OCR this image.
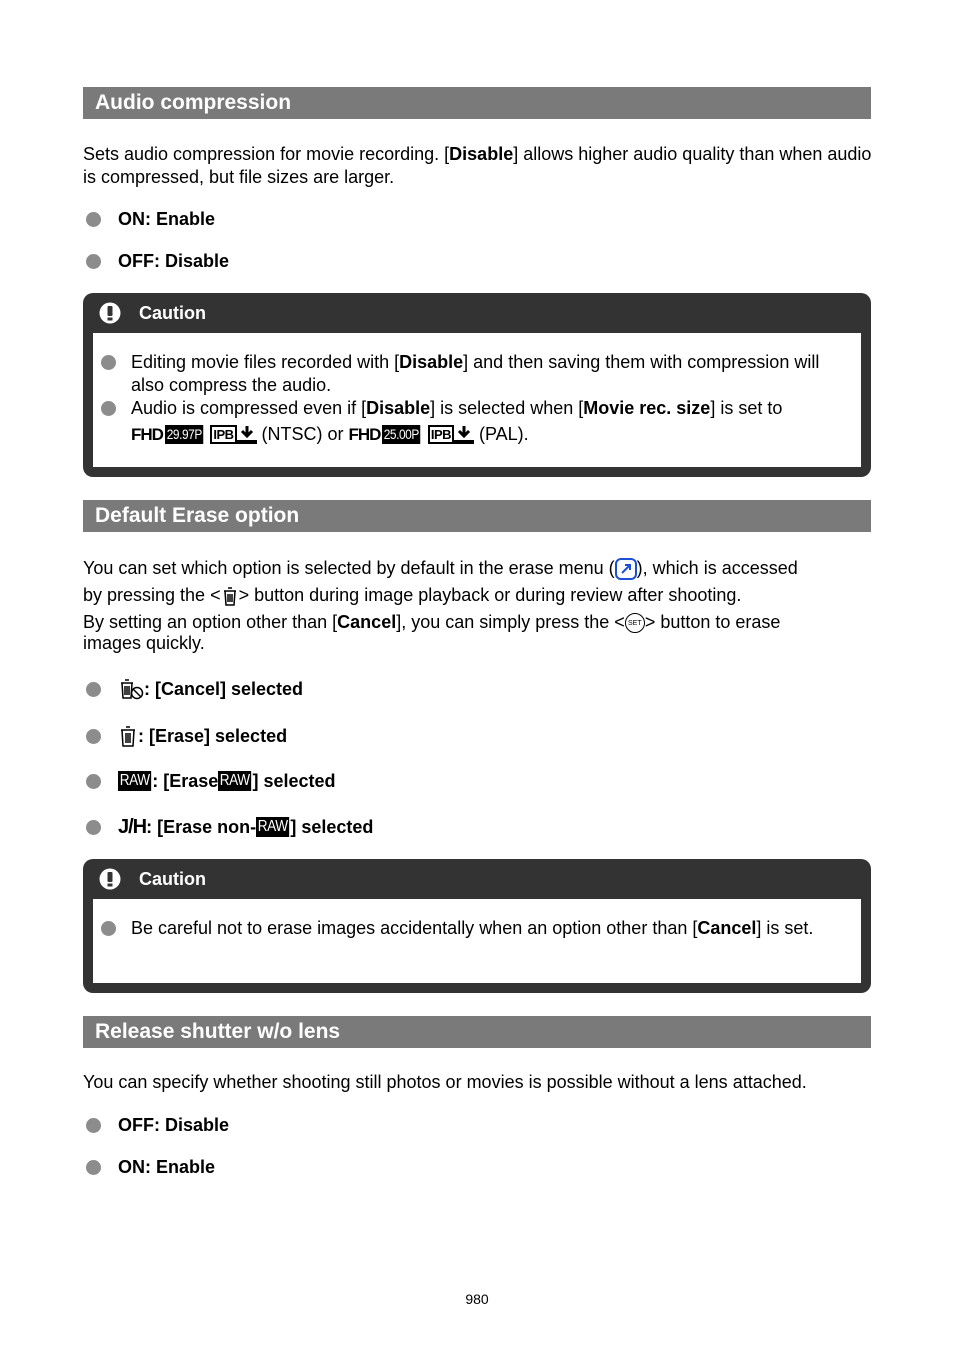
Audio compression
Sets audio compression for movie recording. [Disable] allows higher audio quality than when audio is compressed, but file sizes are larger.
ON: Enable
OFF: Disable
Caution
Editing movie files recorded with [Disable] and then saving them with compression will also compress the audio.
Audio is compressed even if [Disable] is selected when [Movie rec. size] is set to

FHD 29.97P IPB (NTSC) or FHD 25.00P IPB (PAL).
Default Erase option
You can set which option is selected by default in the erase menu ( ), which is accessed
by pressing the < > button during image playback or during review after shooting.
By setting an option other than [Cancel], you can simply press the < SET > button to erase
images quickly.
: [Cancel] selected
: [Erase] selected
RAW : [Erase RAW ] selected
J/H : [Erase non- RAW ] selected
Caution
Be careful not to erase images accidentally when an option other than [Cancel] is set.
Release shutter w/o lens
You can specify whether shooting still photos or movies is possible without a lens attached.
OFF: Disable
ON: Enable
980
